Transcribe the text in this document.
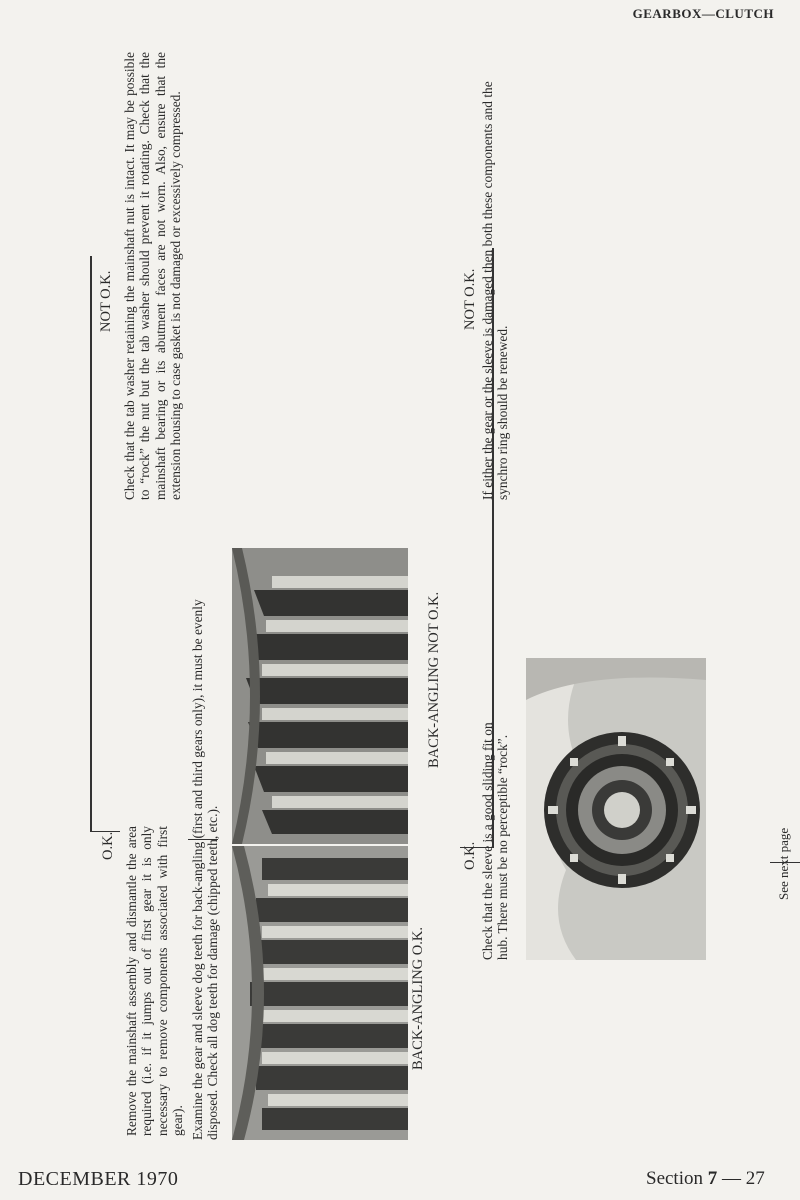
GEARBOX—CLUTCH
O.K. Remove the mainshaft assembly and dismantle the area required (i.e. if it jumps out of first gear it is only necessary to remove components associated with first gear).
NOT O.K. Check that the tab washer retaining the mainshaft nut is intact. It may be possible to “rock” the nut but the tab washer should prevent it rotating. Check that the mainshaft bearing or its abutment faces are not worn. Also, ensure that the extension housing to case gasket is not damaged or excessively compressed.
Examine the gear and sleeve dog teeth for back-angling (first and third gears only), it must be evenly disposed. Check all dog teeth for damage (chipped teeth, etc.).	BACK-ANGLING O.K.
BACK-ANGLING NOT O.K.
O.K. Check that the sleeve is a good sliding fit on hub. There must be no perceptible “rock”.
NOT O.K. If either the gear or the sleeve is damaged then both these components and the synchro ring should be renewed.
See next page
DECEMBER 1970	Section 7 — 27
